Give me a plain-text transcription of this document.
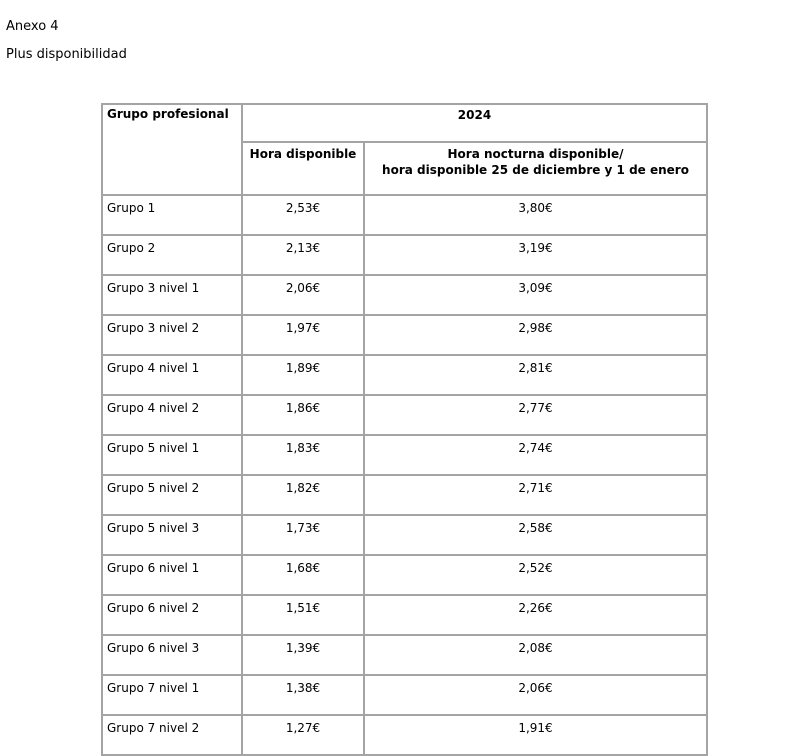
Anexo 4
Plus disponibilidad
Grupo profesional	2024	
	Hora disponible	Hora nocturna disponible/
hora disponible 25 de diciembre y 1 de enero

Grupo 1	2,53€	3,80€
Grupo 2	2,13€	3,19€
Grupo 3 nivel 1	2,06€	3,09€
Grupo 3 nivel 2	1,97€	2,98€
Grupo 4 nivel 1	1,89€	2,81€
Grupo 4 nivel 2	1,86€	2,77€
Grupo 5 nivel 1	1,83€	2,74€
Grupo 5 nivel 2	1,82€	2,71€
Grupo 5 nivel 3	1,73€	2,58€
Grupo 6 nivel 1	1,68€	2,52€
Grupo 6 nivel 2	1,51€	2,26€
Grupo 6 nivel 3	1,39€	2,08€
Grupo 7 nivel 1	1,38€	2,06€
Grupo 7 nivel 2	1,27€	1,91€
